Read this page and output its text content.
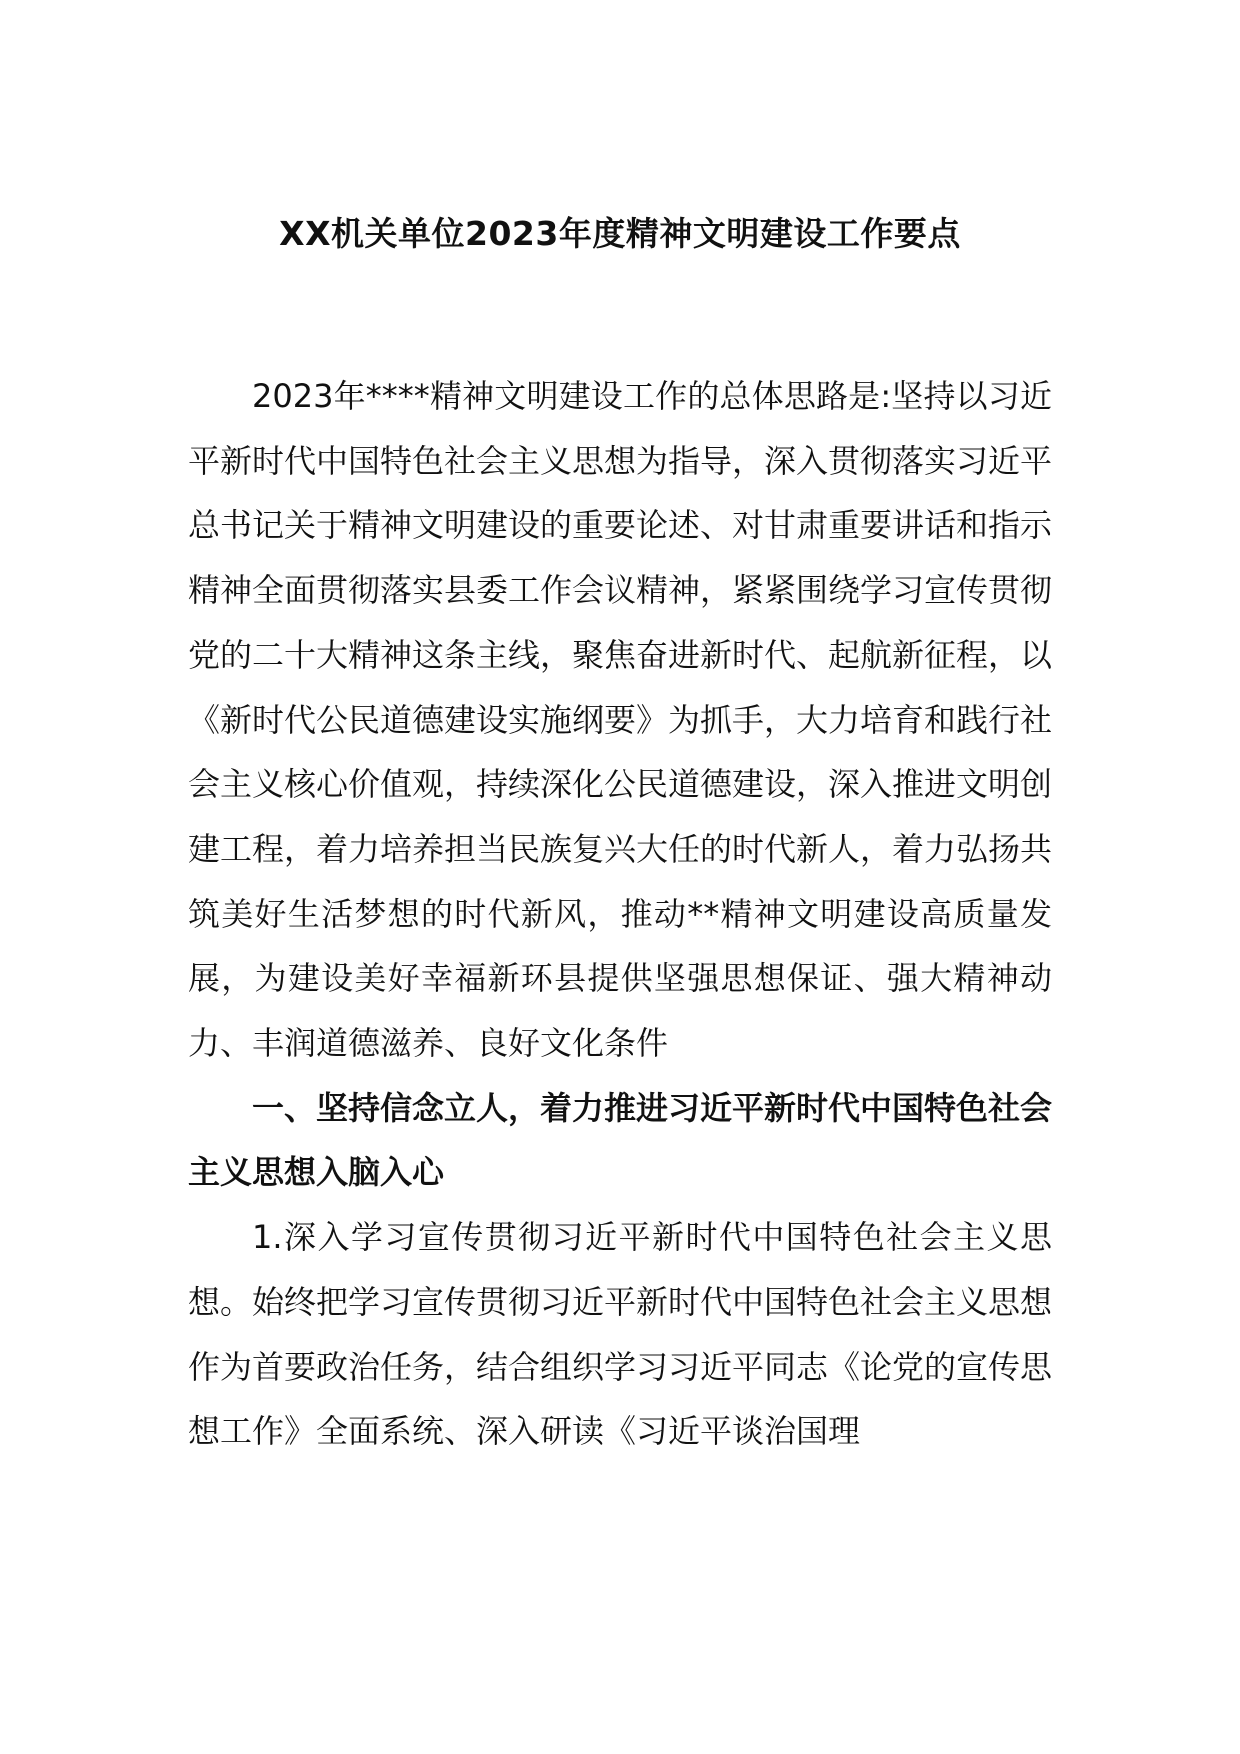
XX机关单位2023年度精神文明建设工作要点

2023年****精神文明建设工作的总体思路是:坚持以习近平新时代中国特色社会主义思想为指导，深入贯彻落实习近平总书记关于精神文明建设的重要论述、对甘肃重要讲话和指示精神全面贯彻落实县委工作会议精神，紧紧围绕学习宣传贯彻党的二十大精神这条主线，聚焦奋进新时代、起航新征程，以《新时代公民道德建设实施纲要》为抓手，大力培育和践行社会主义核心价值观，持续深化公民道德建设，深入推进文明创建工程，着力培养担当民族复兴大任的时代新人，着力弘扬共筑美好生活梦想的时代新风，推动**精神文明建设高质量发展，为建设美好幸福新环县提供坚强思想保证、强大精神动力、丰润道德滋养、良好文化条件

一、坚持信念立人，着力推进习近平新时代中国特色社会主义思想入脑入心

1.深入学习宣传贯彻习近平新时代中国特色社会主义思想。始终把学习宣传贯彻习近平新时代中国特色社会主义思想作为首要政治任务，结合组织学习习近平同志《论党的宣传思想工作》全面系统、深入研读《习近平谈治国理
